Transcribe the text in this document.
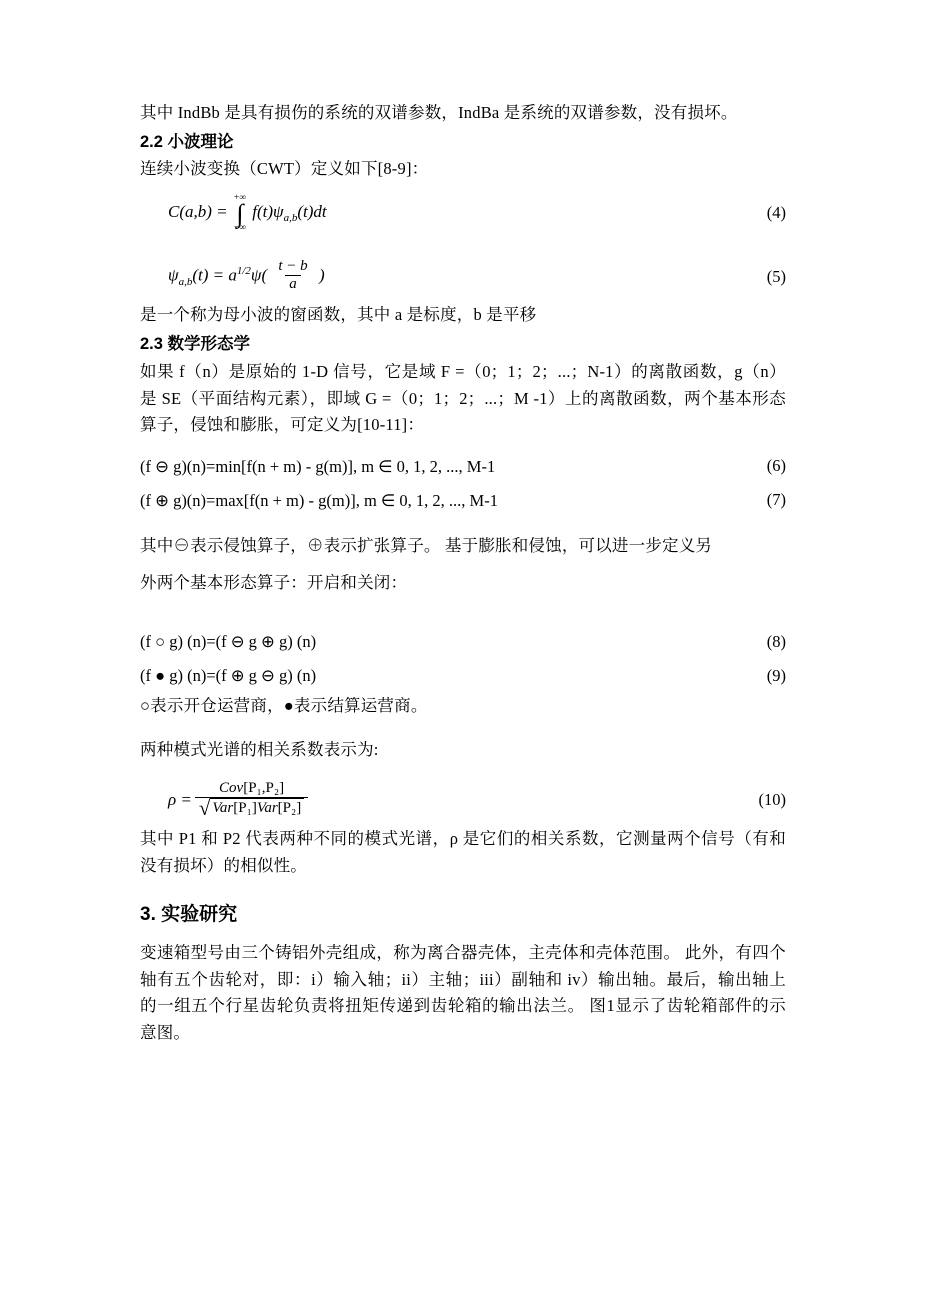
其中 IndBb 是具有损伤的系统的双谱参数，IndBa 是系统的双谱参数，没有损坏。

2.2 小波理论

连续小波变换（CWT）定义如下[8-9]：

C(a,b) =
+∞
∫
−∞
$f(t)\psi_{a,b}(t)dt$	(4)
$\psi_{a,b}(t) = a^{1/2}\psi( \frac{t - b}{a}$ )	(5)

是一个称为母小波的窗函数，其中 a 是标度，b 是平移

2.3 数学形态学

如果 f（n）是原始的 1-D 信号，它是域 F =（0；1；2；...；N-1）的离散函数，g（n）是 SE（平面结构元素），即域 G =（0；1；2；...；M -1）上的离散函数，两个基本形态算子，侵蚀和膨胀，可定义为[10-11]：

(f ⊖ g)(n)=min[f(n + m) - g(m)], m ∈ 0, 1, 2, ..., M-1	(6)
(f ⊕ g)(n)=max[f(n + m) - g(m)], m ∈ 0, 1, 2, ..., M-1	(7)

其中⊖表示侵蚀算子，⊕表示扩张算子。 基于膨胀和侵蚀，可以进一步定义另

外两个基本形态算子：开启和关闭：

(f ○ g) (n)=(f ⊖ g ⊕ g) (n)	(8)
(f ● g) (n)=(f ⊕ g ⊖ g) (n)	(9)

○表示开仓运营商，●表示结算运营商。

两种模式光谱的相关系数表示为:

$\rho = \frac{\text{Cov[P₁,P₂]}}{\text{√ Var[P₁]Var[P₂]}}$	(10)

其中 P1 和 P2 代表两种不同的模式光谱，ρ 是它们的相关系数，它测量两个信号（有和没有损坏）的相似性。

3. 实验研究

变速箱型号由三个铸铝外壳组成，称为离合器壳体，主壳体和壳体范围。 此外，有四个轴有五个齿轮对，即：i）输入轴；ii）主轴；iii）副轴和 iv）输出轴。最后，输出轴上的一组五个行星齿轮负责将扭矩传递到齿轮箱的输出法兰。 图1显示了齿轮箱部件的示意图。
